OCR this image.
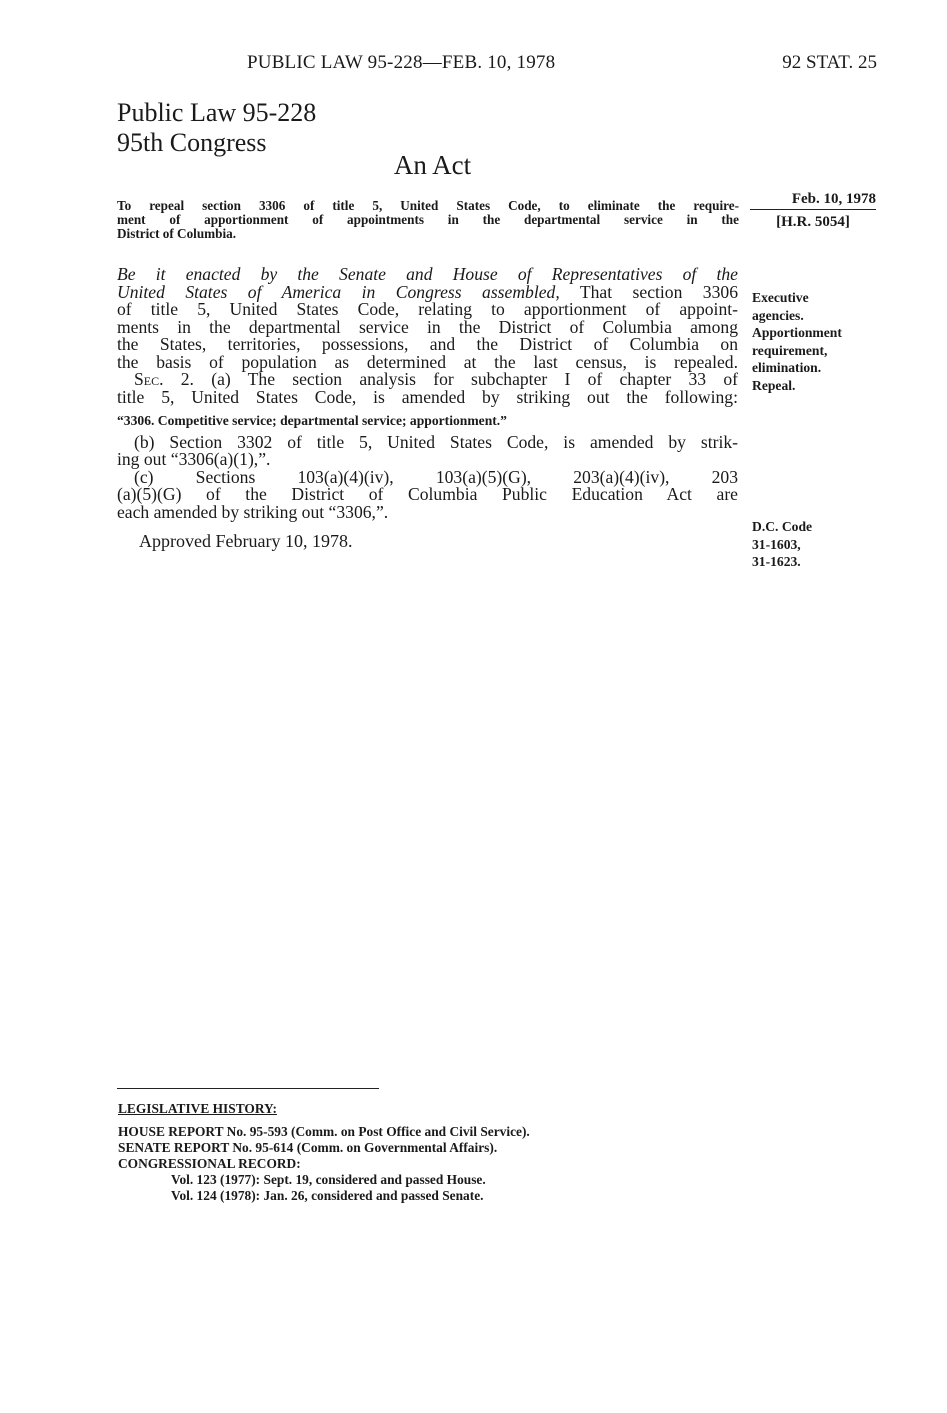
PUBLIC LAW 95-228—FEB. 10, 1978	92 STAT. 25
Public Law 95-228
95th Congress
An Act
To repeal section 3306 of title 5, United States Code, to eliminate the require-
ment of apportionment of appointments in the departmental service in the
District of Columbia.
Feb. 10, 1978
[H.R. 5054]
Executive
agencies.
Apportionment
requirement,
elimination.
Repeal.
D.C. Code
31-1603,
31-1623.
Be it enacted by the Senate and House of Representatives of the
United States of America in Congress assembled, That section 3306
of title 5, United States Code, relating to apportionment of appoint-
ments in the departmental service in the District of Columbia among
the States, territories, possessions, and the District of Columbia on
the basis of population as determined at the last census, is repealed.
Sec. 2. (a) The section analysis for subchapter I of chapter 33 of
title 5, United States Code, is amended by striking out the following:
“3306. Competitive service; departmental service; apportionment.”
(b) Section 3302 of title 5, United States Code, is amended by strik-
ing out “3306(a)(1),”.
(c) Sections 103(a)(4)(iv), 103(a)(5)(G), 203(a)(4)(iv), 203
(a)(5)(G) of the District of Columbia Public Education Act are
each amended by striking out “3306,”.
Approved February 10, 1978.
LEGISLATIVE HISTORY:
HOUSE REPORT No. 95-593 (Comm. on Post Office and Civil Service).
SENATE REPORT No. 95-614 (Comm. on Governmental Affairs).
CONGRESSIONAL RECORD:
Vol. 123 (1977): Sept. 19, considered and passed House.
Vol. 124 (1978): Jan. 26, considered and passed Senate.
